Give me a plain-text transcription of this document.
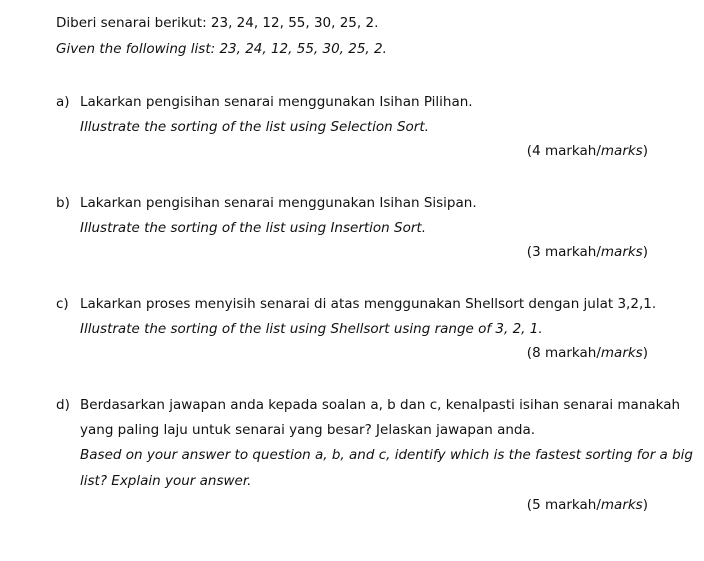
Diberi senarai berikut: 23, 24, 12, 55, 30, 25, 2.
Given the following list: 23, 24, 12, 55, 30, 25, 2.
a) Lakarkan pengisihan senarai menggunakan Isihan Pilihan.
Illustrate the sorting of the list using Selection Sort.
(4 markah/marks)
b) Lakarkan pengisihan senarai menggunakan Isihan Sisipan.
Illustrate the sorting of the list using Insertion Sort.
(3 markah/marks)
c) Lakarkan proses menyisih senarai di atas menggunakan Shellsort dengan julat 3,2,1.
Illustrate the sorting of the list using Shellsort using range of 3, 2, 1.
(8 markah/marks)
d) Berdasarkan jawapan anda kepada soalan a, b dan c, kenalpasti isihan senarai manakah
yang paling laju untuk senarai yang besar? Jelaskan jawapan anda.
Based on your answer to question a, b, and c, identify which is the fastest sorting for a big
list? Explain your answer.
(5 markah/marks)
